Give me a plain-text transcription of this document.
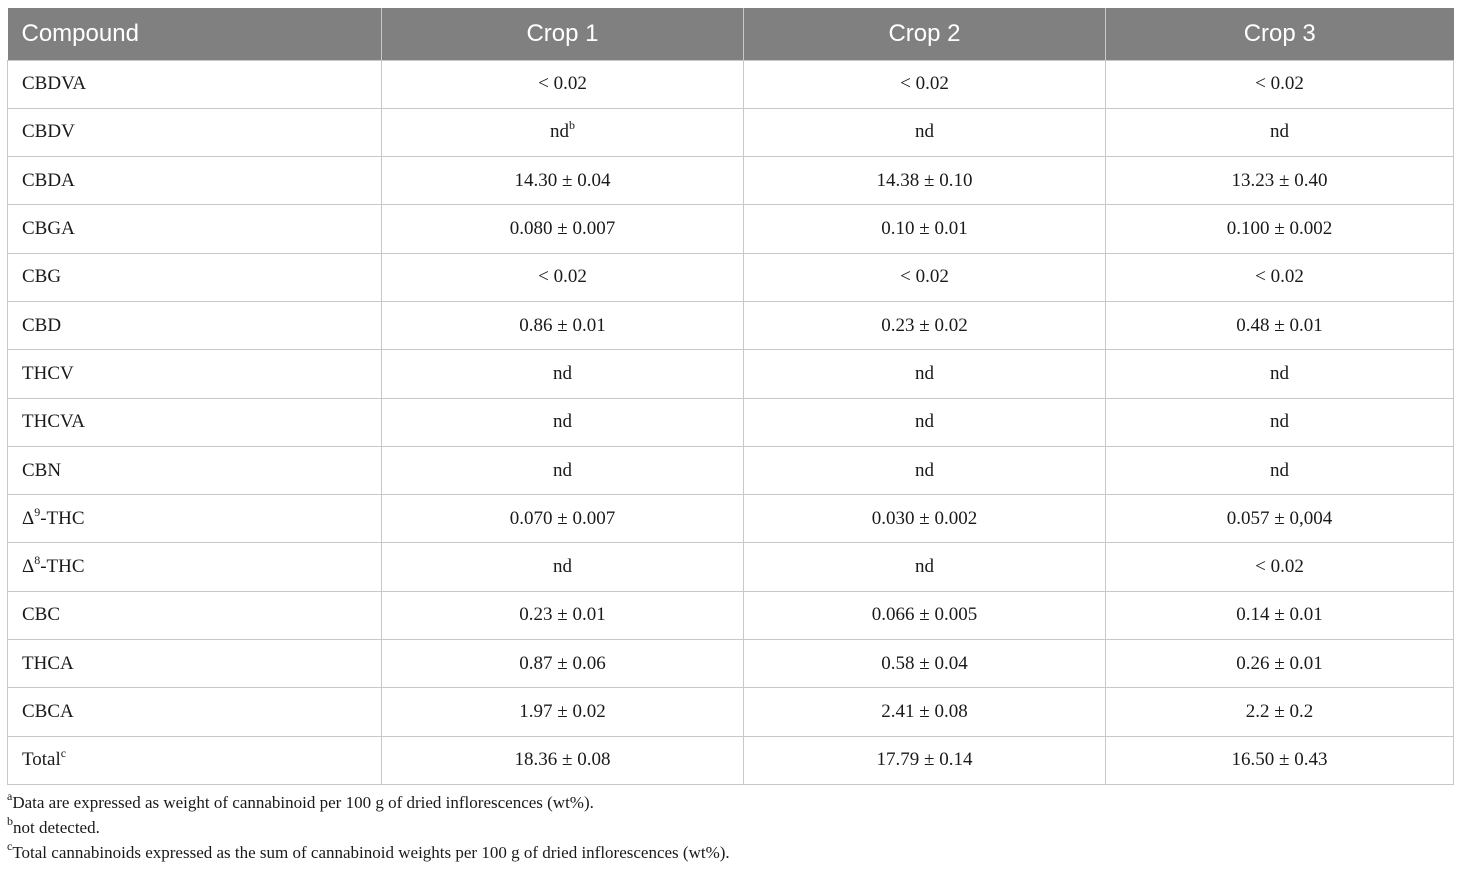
Compound	Crop 1	Crop 2	Crop 3
CBDVA	< 0.02	< 0.02	< 0.02
CBDV	$nd^b$	nd	nd
CBDA	14.30 ± 0.04	14.38 ± 0.10	13.23 ± 0.40
CBGA	0.080 ± 0.007	0.10 ± 0.01	0.100 ± 0.002
CBG	< 0.02	< 0.02	< 0.02
CBD	0.86 ± 0.01	0.23 ± 0.02	0.48 ± 0.01
THCV	nd	nd	nd
THCVA	nd	nd	nd
CBN	nd	nd	nd
$\Delta^9$-THC	0.070 ± 0.007	0.030 ± 0.002	0.057 ± 0,004
$\Delta^8$-THC	nd	nd	< 0.02
CBC	0.23 ± 0.01	0.066 ± 0.005	0.14 ± 0.01
THCA	0.87 ± 0.06	0.58 ± 0.04	0.26 ± 0.01
CBCA	1.97 ± 0.02	2.41 ± 0.08	2.2 ± 0.2
Total$^c$	18.36 ± 0.08	17.79 ± 0.14	16.50 ± 0.43
$^a$Data are expressed as weight of cannabinoid per 100 g of dried inflorescences (wt%).
$^b$not detected.
$^c$Total cannabinoids expressed as the sum of cannabinoid weights per 100 g of dried inflorescences (wt%).
